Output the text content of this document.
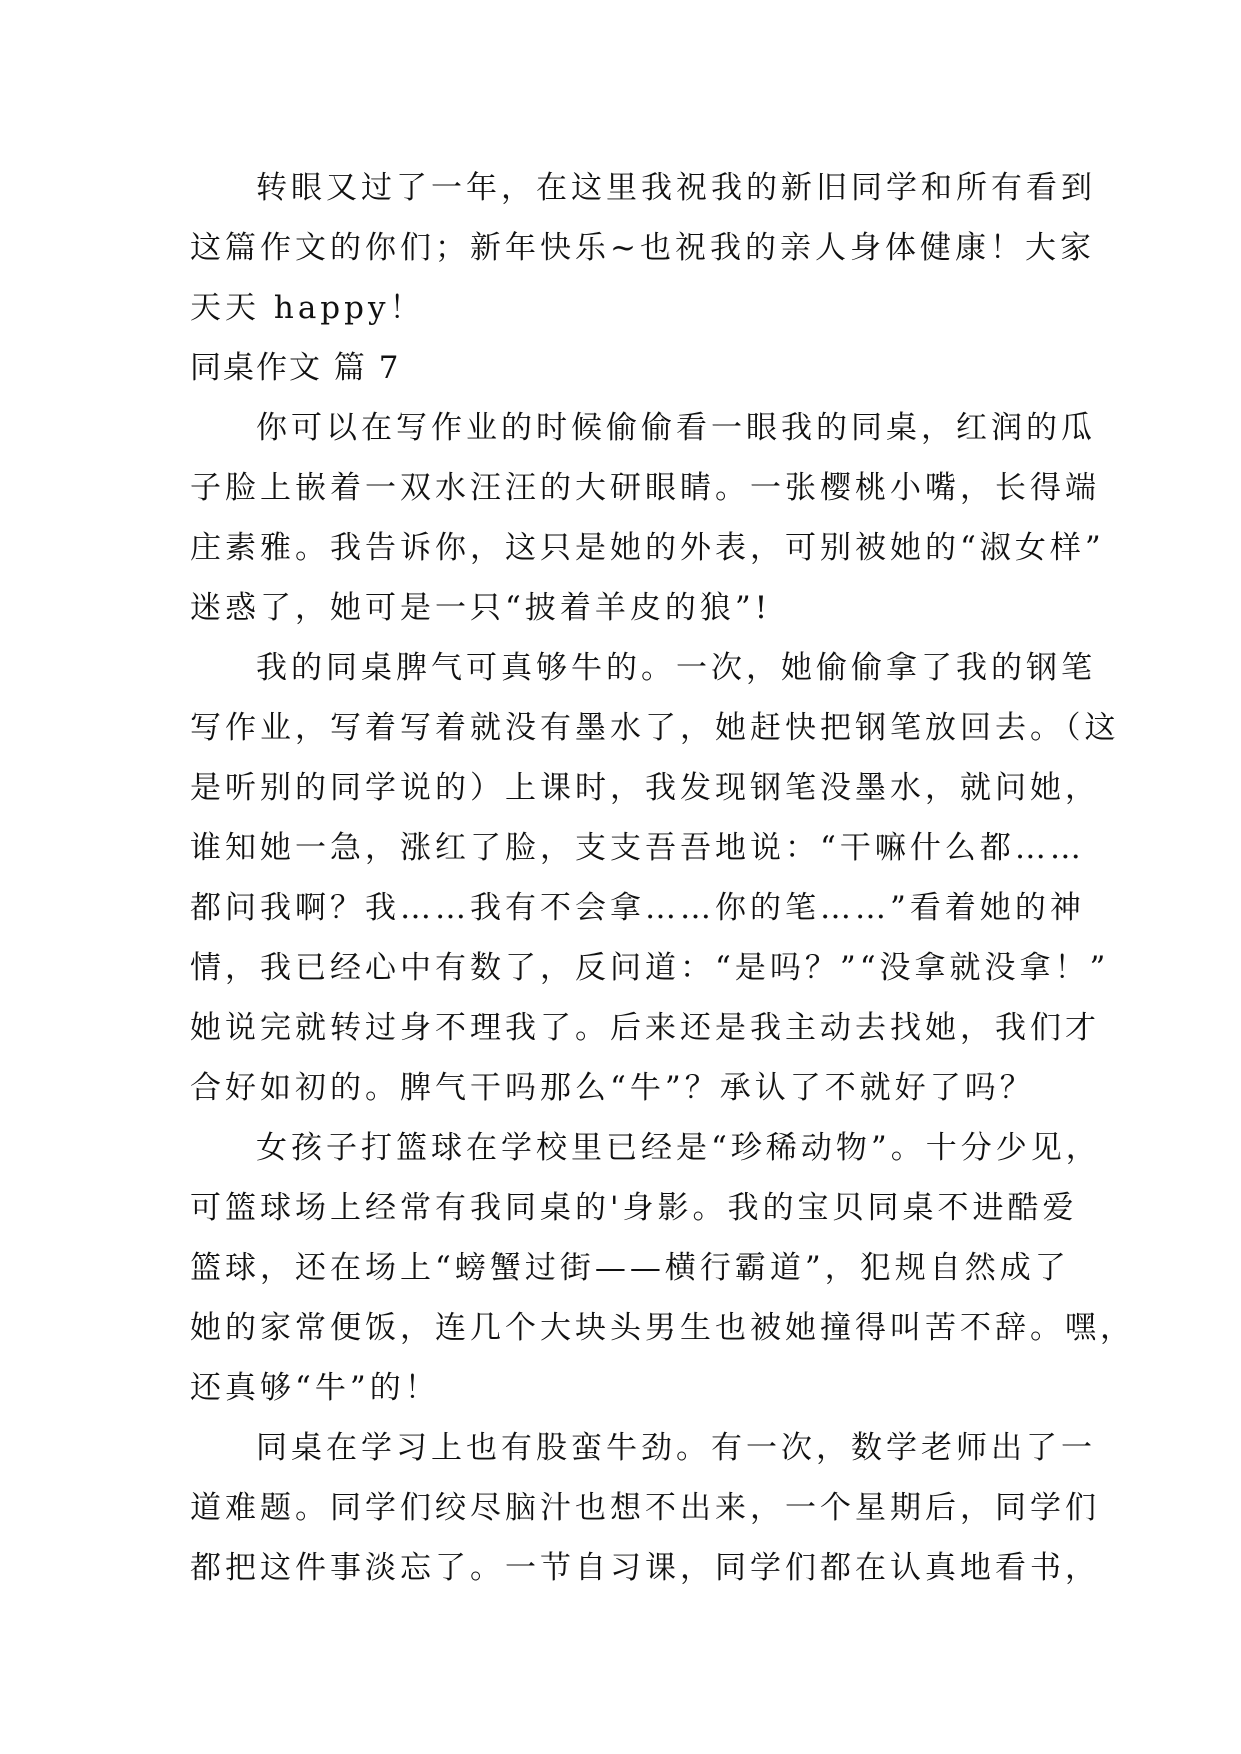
转眼又过了一年，在这里我祝我的新旧同学和所有看到
这篇作文的你们；新年快乐~也祝我的亲人身体健康！大家
天天 happy！
同桌作文 篇 7
你可以在写作业的时候偷偷看一眼我的同桌，红润的瓜
子脸上嵌着一双水汪汪的大研眼睛。一张樱桃小嘴，长得端
庄素雅。我告诉你，这只是她的外表，可别被她的“淑女样”
迷惑了，她可是一只“披着羊皮的狼”!
我的同桌脾气可真够牛的。一次，她偷偷拿了我的钢笔
写作业，写着写着就没有墨水了，她赶快把钢笔放回去。（这
是听别的同学说的）上课时，我发现钢笔没墨水，就问她，
谁知她一急，涨红了脸，支支吾吾地说：“干嘛什么都……
都问我啊？我……我有不会拿……你的笔……”看着她的神
情，我已经心中有数了，反问道：“是吗？”“没拿就没拿！”
她说完就转过身不理我了。后来还是我主动去找她，我们才
合好如初的。脾气干吗那么“牛”？承认了不就好了吗？
女孩子打篮球在学校里已经是“珍稀动物”。十分少见，
可篮球场上经常有我同桌的'身影。我的宝贝同桌不进酷爱
篮球，还在场上“螃蟹过街——横行霸道”，犯规自然成了
她的家常便饭，连几个大块头男生也被她撞得叫苦不辞。嘿，
还真够“牛”的！
同桌在学习上也有股蛮牛劲。有一次，数学老师出了一
道难题。同学们绞尽脑汁也想不出来，一个星期后，同学们
都把这件事淡忘了。一节自习课，同学们都在认真地看书，
